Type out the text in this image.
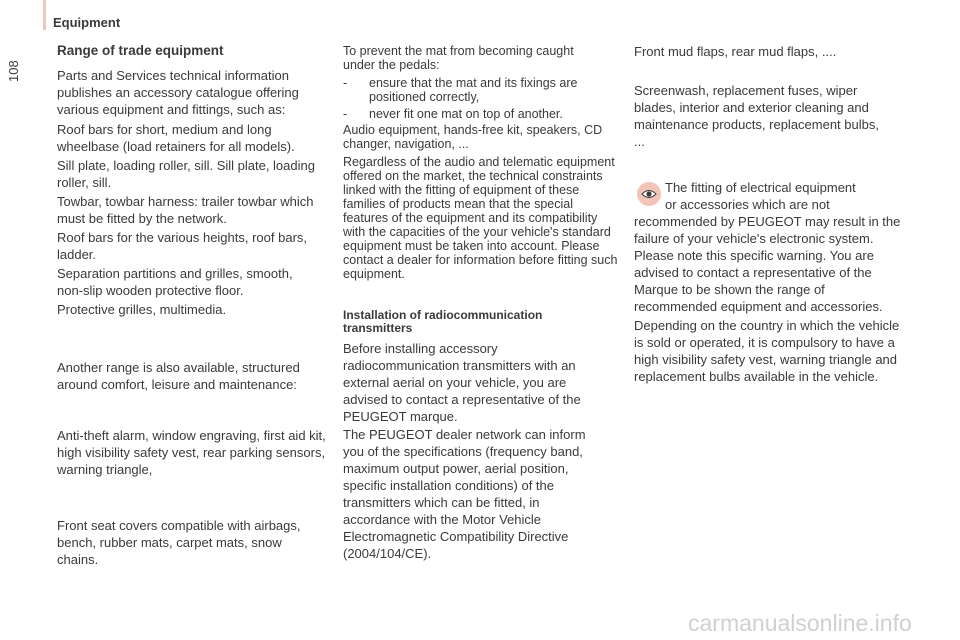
Equipment
108
Range of trade equipment

Parts and Services technical information publishes an accessory catalogue offering various equipment and fittings, such as:

Roof bars for short, medium and long wheelbase (load retainers for all models).

Sill plate, loading roller, sill. Sill plate, loading roller, sill.

Towbar, towbar harness: trailer towbar which must be fitted by the network.

Roof bars for the various heights, roof bars, ladder.

Separation partitions and grilles, smooth, non-slip wooden protective floor.

Protective grilles, multimedia.

Another range is also available, structured around comfort, leisure and maintenance:

Anti-theft alarm, window engraving, first aid kit, high visibility safety vest, rear parking sensors, warning triangle,

Front seat covers compatible with airbags, bench, rubber mats, carpet mats, snow chains.

To prevent the mat from becoming caught under the pedals:

- ensure that the mat and its fixings are positioned correctly,
- never fit one mat on top of another.

Audio equipment, hands-free kit, speakers, CD changer, navigation, ...

Regardless of the audio and telematic equipment offered on the market, the technical constraints linked with the fitting of equipment of these families of products mean that the special features of the equipment and its compatibility with the capacities of the your vehicle's standard equipment must be taken into account. Please contact a dealer for information before fitting such equipment.

Installation of radiocommunication transmitters

Before installing accessory radiocommunication transmitters with an external aerial on your vehicle, you are advised to contact a representative of the PEUGEOT marque.

The PEUGEOT dealer network can inform you of the specifications (frequency band, maximum output power, aerial position, specific installation conditions) of the transmitters which can be fitted, in accordance with the Motor Vehicle Electromagnetic Compatibility Directive (2004/104/CE).

Front mud flaps, rear mud flaps, ....

Screenwash, replacement fuses, wiper blades, interior and exterior cleaning and maintenance products, replacement bulbs, ...

The fitting of electrical equipment

or accessories which are not

recommended by PEUGEOT may result in the failure of your vehicle's electronic system. Please note this specific warning. You are advised to contact a representative of the Marque to be shown the range of recommended equipment and accessories.

Depending on the country in which the vehicle is sold or operated, it is compulsory to have a high visibility safety vest, warning triangle and replacement bulbs available in the vehicle.

carmanualsonline.info
